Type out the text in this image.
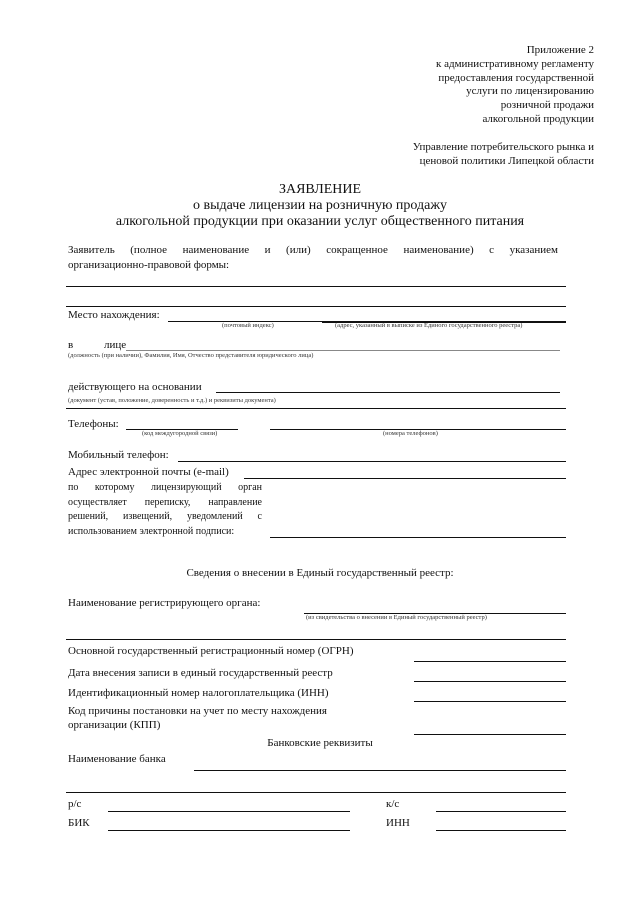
Приложение 2
к административному регламенту
предоставления государственной
услуги по лицензированию
розничной продажи
алкогольной продукции
Управление потребительского рынка и
ценовой политики Липецкой области
ЗАЯВЛЕНИЕ
о выдаче лицензии на розничную продажу
алкогольной продукции при оказании услуг общественного питания
Заявитель (полное наименование и (или) сокращенное наименование) с указанием
организационно-правовой формы:
Место нахождения:
(почтовый индекс)	(адрес, указанный в выписке из Единого государственного реестра)
в	лице
(должность (при наличии), Фамилия, Имя, Отчество представителя юридического лица)
действующего на основании
(документ (устав, положение, доверенность и т.д.) и реквизиты документа)
Телефоны:
(код междугородной связи)	(номера телефонов)
Мобильный телефон:
Адрес электронной почты (e-mail)
по которому лицензирующий орган
осуществляет переписку, направление
решений, извещений, уведомлений с
использованием электронной подписи:
Сведения о внесении в Единый государственный реестр:
Наименование регистрирующего органа:
(из свидетельства о внесении в Единый государственный реестр)
Основной государственный регистрационный номер (ОГРН)
Дата внесения записи в единый государственный реестр
Идентификационный номер налогоплательщика (ИНН)
Код причины постановки на учет по месту нахождения
организации (КПП)
Банковские реквизиты
Наименование банка
р/с	к/с
БИК	ИНН
